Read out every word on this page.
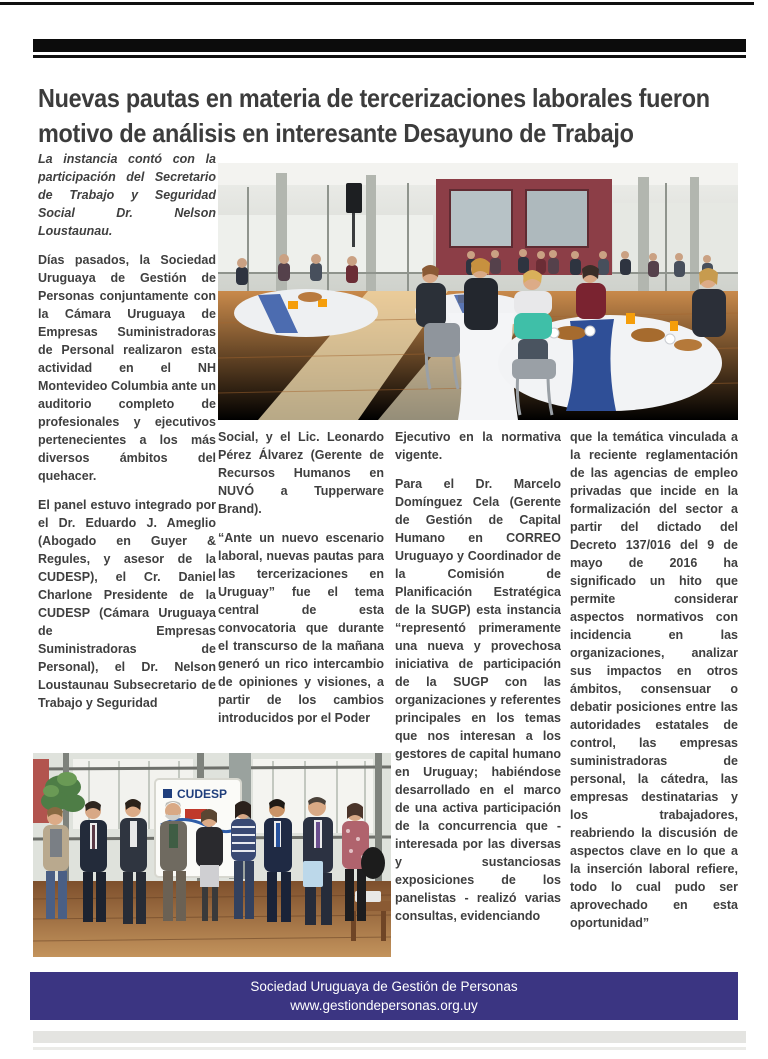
Nuevas pautas en materia de tercerizaciones laborales fueron
motivo de análisis en interesante Desayuno de Trabajo

La instancia contó con la participación del Secretario de Trabajo y Seguridad Social Dr. Nelson Loustaunau.

Días pasados, la Sociedad Uruguaya de Gestión de Personas conjuntamente con la Cámara Uruguaya de Empresas Suministradoras de Personal realizaron esta actividad en el NH Montevideo Columbia ante un auditorio completo de profesionales y ejecutivos pertenecientes a los más diversos ámbitos del quehacer.

El panel estuvo integrado por el Dr. Eduardo J. Ameglio (Abogado en Guyer & Regules, y asesor de la CUDESP), el Cr. Daniel Charlone Presidente de la CUDESP (Cámara Uruguaya de Empresas Suministradoras de Personal), el Dr. Nelson Loustaunau Subsecretario de Trabajo y Seguridad

Social, y el Lic. Leonardo Pérez Álvarez (Gerente de Recursos Humanos en NUVÓ a Tupperware Brand).

“Ante un nuevo escenario laboral, nuevas pautas para las tercerizaciones en Uruguay” fue el tema central de esta convocatoria que durante el transcurso de la mañana generó un rico intercambio de opiniones y visiones, a partir de los cambios introducidos por el Poder

Ejecutivo en la normativa vigente.

Para el Dr. Marcelo Domínguez Cela (Gerente de Gestión de Capital Humano en CORREO Uruguayo y Coordinador de la Comisión de Planificación Estratégica de la SUGP) esta instancia “representó primeramente una nueva y provechosa iniciativa de participación de la SUGP con las organizaciones y referentes principales en los temas que nos interesan a los gestores de capital humano en Uruguay; habiéndose desarrollado en el marco de una activa participación de la concurrencia que - interesada por las diversas y sustanciosas exposiciones de los panelistas - realizó varias consultas, evidenciando

que la temática vinculada a la reciente reglamentación de las agencias de empleo privadas que incide en la formalización del sector a partir del dictado del Decreto 137/016 del 9 de mayo de 2016 ha significado un hito que permite considerar aspectos normativos con incidencia en las organizaciones, analizar sus impactos en otros ámbitos, consensuar o debatir posiciones entre las autoridades estatales de control, las empresas suministradoras de personal, la cátedra, las empresas destinatarias y los trabajadores, reabriendo la discusión de aspectos clave en lo que a la inserción laboral refiere, todo lo cual pudo ser aprovechado en esta oportunidad”

CUDESP
Sociedad Uruguaya de Gestión de Personas
www.gestiondepersonas.org.uy
